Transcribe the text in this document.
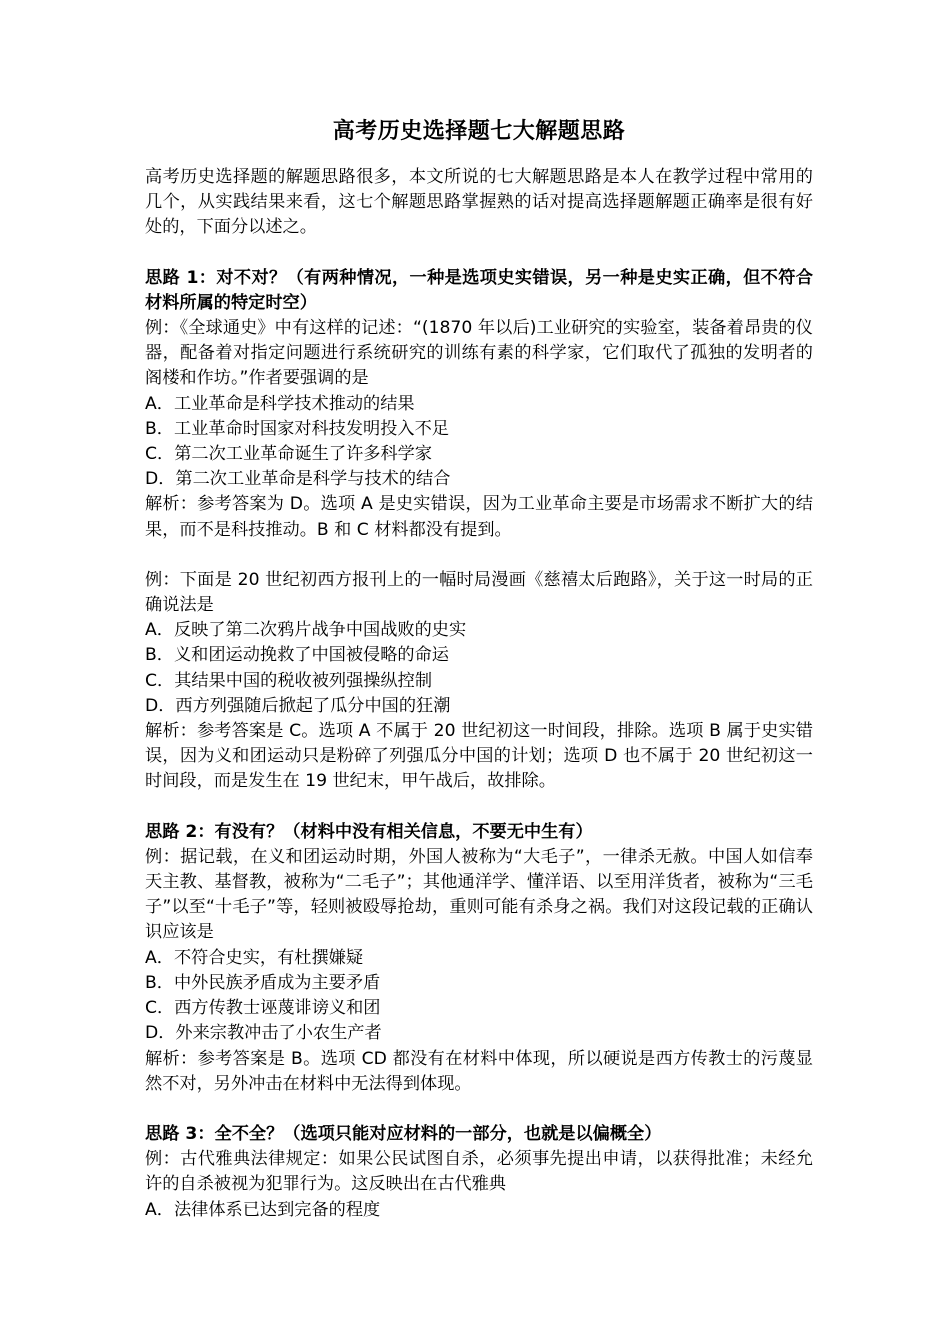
高考历史选择题七大解题思路

高考历史选择题的解题思路很多，本文所说的七大解题思路是本人在教学过程中常用的几个，从实践结果来看，这七个解题思路掌握熟的话对提高选择题解题正确率是很有好处的，下面分以述之。

思路 1：对不对？（有两种情况，一种是选项史实错误，另一种是史实正确，但不符合材料所属的特定时空）

例：《全球通史》中有这样的记述：“(1870 年以后)工业研究的实验室，装备着昂贵的仪器，配备着对指定问题进行系统研究的训练有素的科学家，它们取代了孤独的发明者的阁楼和作坊。”作者要强调的是

A．工业革命是科学技术推动的结果

B．工业革命时国家对科技发明投入不足

C．第二次工业革命诞生了许多科学家

D．第二次工业革命是科学与技术的结合

解析：参考答案为 D。选项 A 是史实错误，因为工业革命主要是市场需求不断扩大的结果，而不是科技推动。B 和 C 材料都没有提到。

例：下面是 20 世纪初西方报刊上的一幅时局漫画《慈禧太后跑路》，关于这一时局的正确说法是

A．反映了第二次鸦片战争中国战败的史实

B．义和团运动挽救了中国被侵略的命运

C．其结果中国的税收被列强操纵控制

D．西方列强随后掀起了瓜分中国的狂潮

解析：参考答案是 C。选项 A 不属于 20 世纪初这一时间段，排除。选项 B 属于史实错误，因为义和团运动只是粉碎了列强瓜分中国的计划；选项 D 也不属于 20 世纪初这一时间段，而是发生在 19 世纪末，甲午战后，故排除。

思路 2：有没有？（材料中没有相关信息，不要无中生有）

例：据记载，在义和团运动时期，外国人被称为“大毛子”，一律杀无赦。中国人如信奉天主教、基督教，被称为“二毛子”；其他通洋学、懂洋语、以至用洋货者，被称为“三毛子”以至“十毛子”等，轻则被殴辱抢劫，重则可能有杀身之祸。我们对这段记载的正确认识应该是

A．不符合史实，有杜撰嫌疑

B．中外民族矛盾成为主要矛盾

C．西方传教士诬蔑诽谤义和团

D．外来宗教冲击了小农生产者

解析：参考答案是 B。选项 CD 都没有在材料中体现，所以硬说是西方传教士的污蔑显然不对，另外冲击在材料中无法得到体现。

思路 3：全不全？（选项只能对应材料的一部分，也就是以偏概全）

例：古代雅典法律规定：如果公民试图自杀，必须事先提出申请，以获得批准；未经允许的自杀被视为犯罪行为。这反映出在古代雅典

A．法律体系已达到完备的程度
